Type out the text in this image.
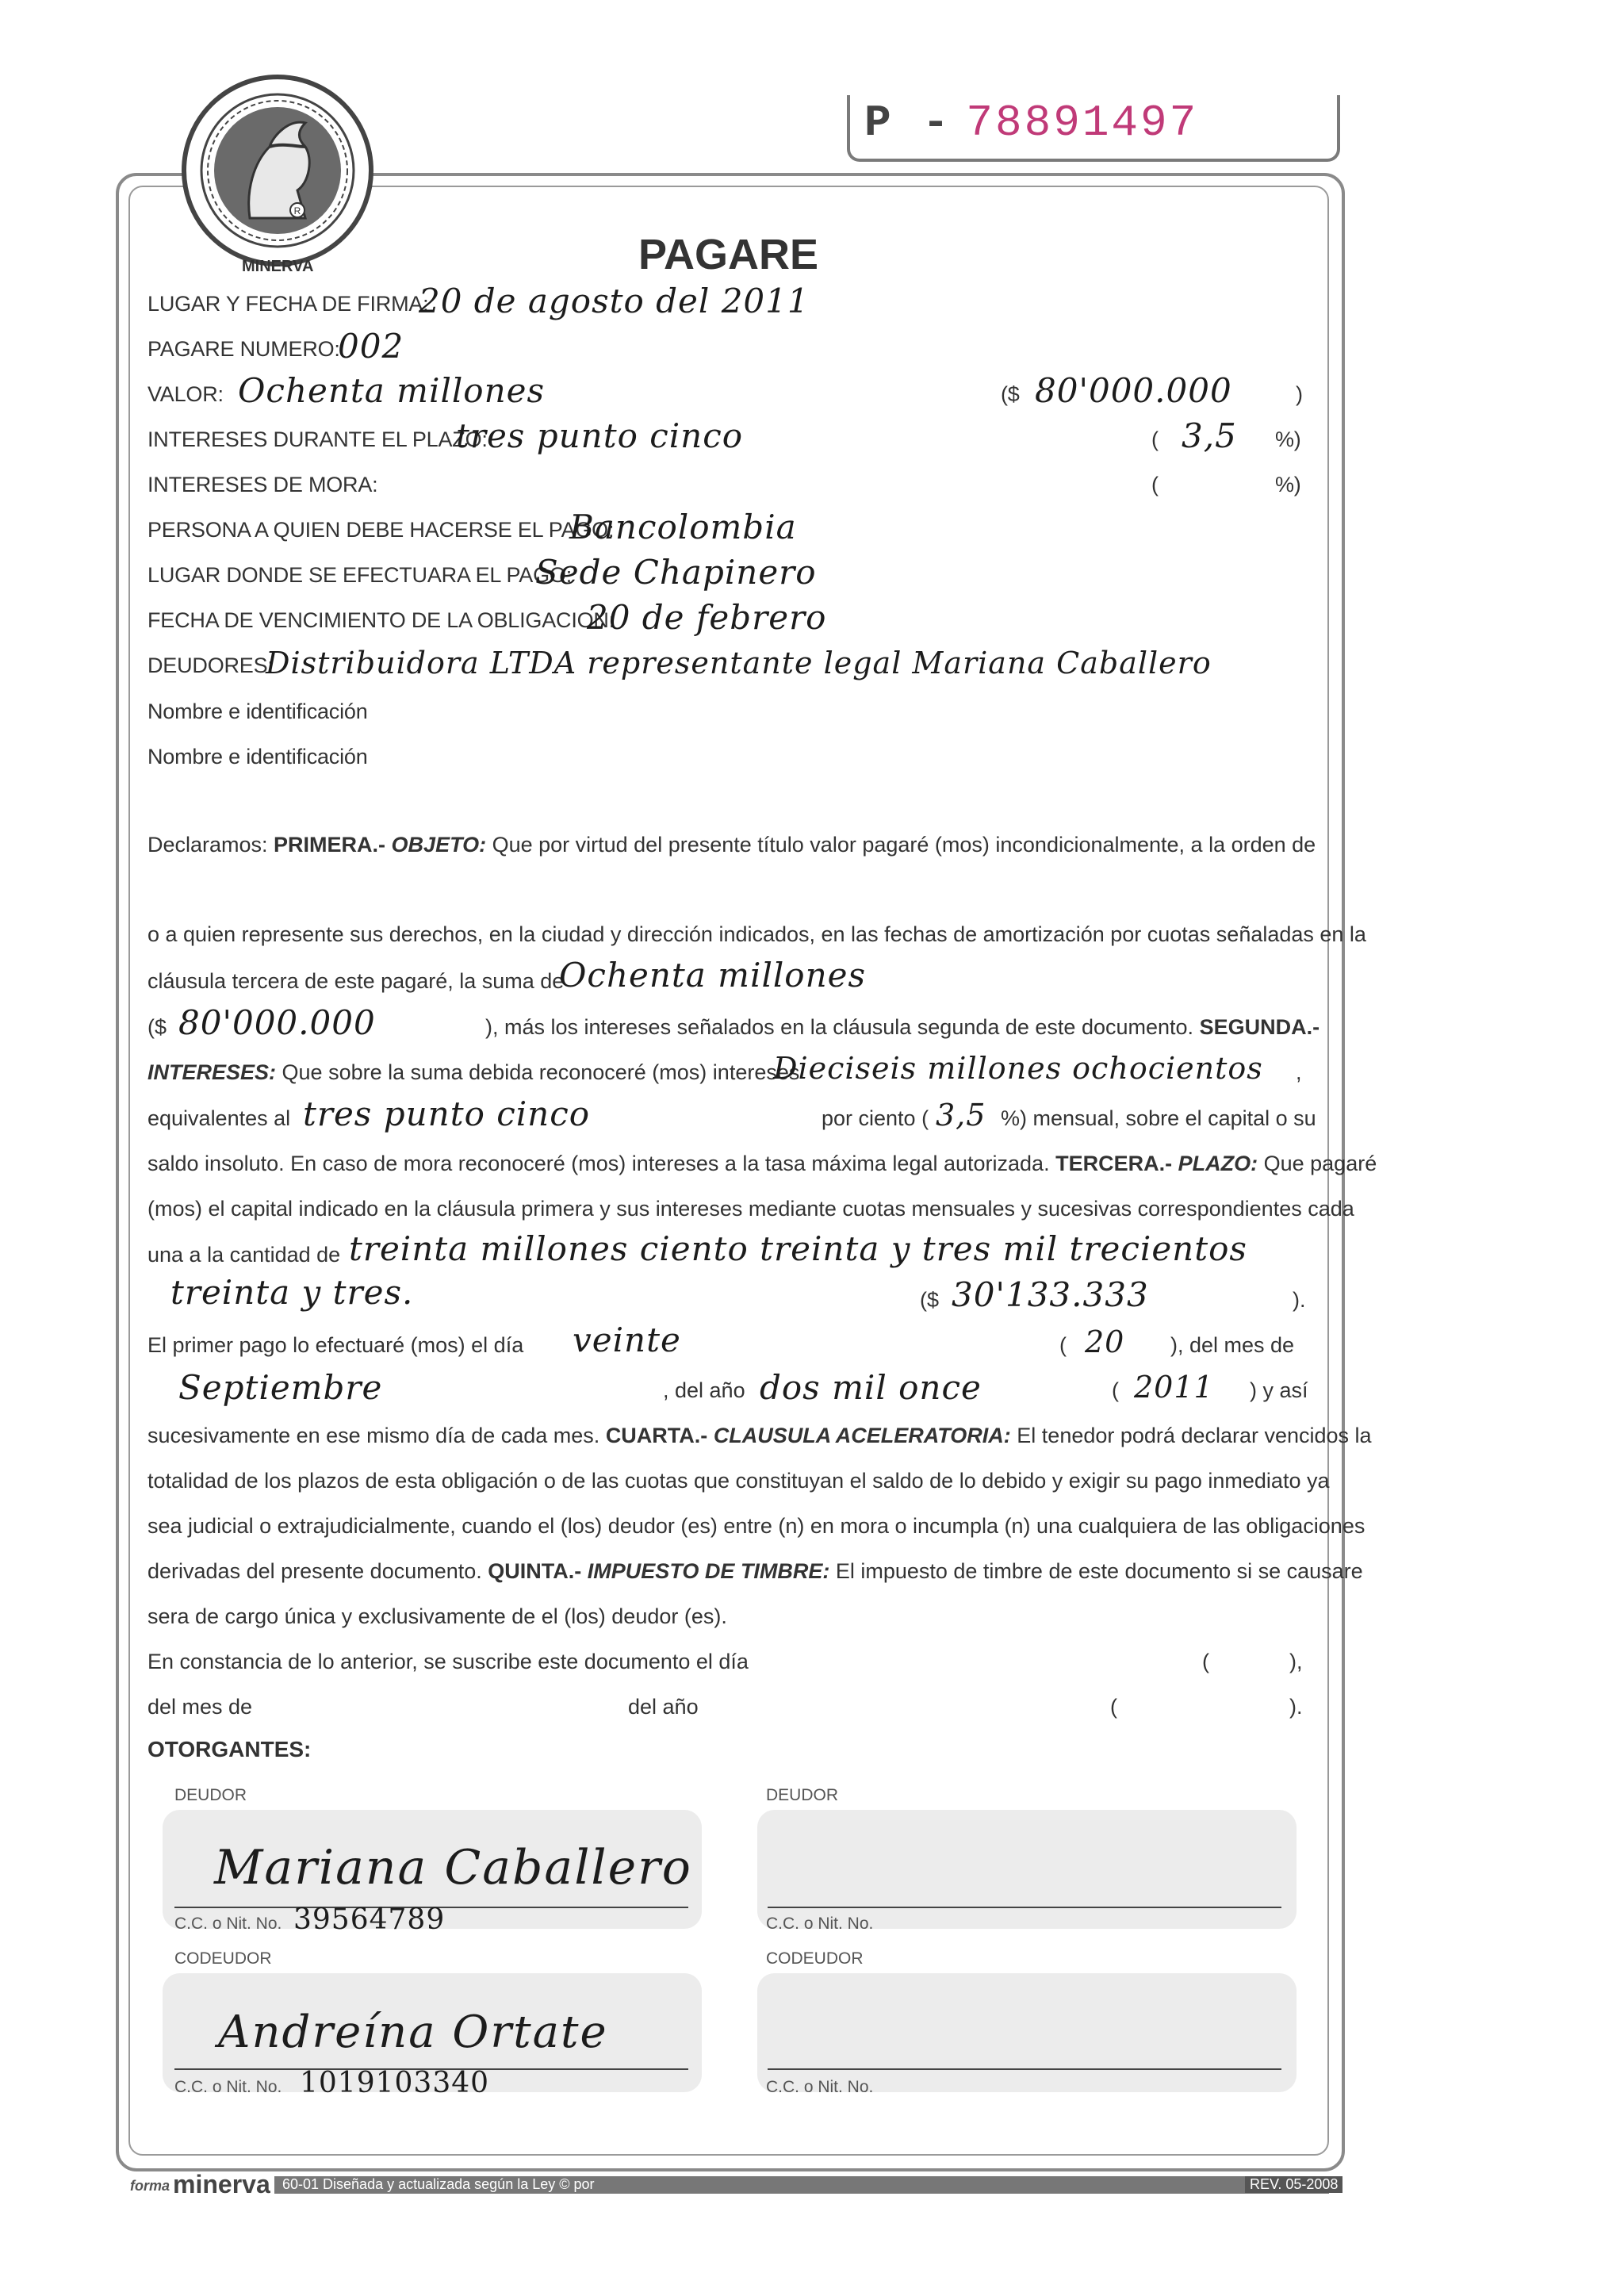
P - 78891497
R
MINERVA	PAGARE
LUGAR Y FECHA DE FIRMA:
20 de agosto del 2011
PAGARE NUMERO:
002
VALOR: Ochenta millones	($ 80'000.000	)
INTERESES DURANTE EL PLAZO:
tres punto cinco	( 3,5 %)
INTERESES DE MORA:	(	%)
PERSONA A QUIEN DEBE HACERSE EL PAGO:
Bancolombia
LUGAR DONDE SE EFECTUARA EL PAGO:
Sede Chapinero
FECHA DE VENCIMIENTO DE LA OBLIGACION:
20 de febrero
DEUDORES:
Distribuidora LTDA representante legal Mariana Caballero
Nombre e identificación
Nombre e identificación
Declaramos: PRIMERA.- OBJETO: Que por virtud del presente título valor pagaré (mos) incondicionalmente, a la orden de
o a quien represente sus derechos, en la ciudad y dirección indicados, en las fechas de amortización por cuotas señaladas en la
cláusula tercera de este pagaré, la suma de
Ochenta millones
($ 80'000.000	), más los intereses señalados en la cláusula segunda de este documento. SEGUNDA.-
INTERESES: Que sobre la suma debida reconoceré (mos) intereses
Dieciseis millones ochocientos ,
equivalentes al tres punto cinco	por ciento ( 3,5 %) mensual, sobre el capital o su
saldo insoluto. En caso de mora reconoceré (mos) intereses a la tasa máxima legal autorizada. TERCERA.- PLAZO: Que pagaré
(mos) el capital indicado en la cláusula primera y sus intereses mediante cuotas mensuales y sucesivas correspondientes cada
una a la cantidad de treinta millones ciento treinta y tres mil trecientos
treinta y tres.	($ 30'133.333	).
El primer pago lo efectuaré (mos) el día veinte	( 20 ), del mes de
Septiembre	, del año dos mil once	( 2011 ) y así
sucesivamente en ese mismo día de cada mes. CUARTA.- CLAUSULA ACELERATORIA: El tenedor podrá declarar vencidos la
totalidad de los plazos de esta obligación o de las cuotas que constituyan el saldo de lo debido y exigir su pago inmediato ya
sea judicial o extrajudicialmente, cuando el (los) deudor (es) entre (n) en mora o incumpla (n) una cualquiera de las obligaciones
derivadas del presente documento. QUINTA.- IMPUESTO DE TIMBRE: El impuesto de timbre de este documento si se causare
sera de cargo única y exclusivamente de el (los) deudor (es).
En constancia de lo anterior, se suscribe este documento el día	(	),
del mes de	del año	(	).
OTORGANTES:
DEUDOR	DEUDOR
Mariana Caballero
C.C. o Nit. No. 39564789	C.C. o Nit. No.
CODEUDOR	CODEUDOR
Andreína Ortate
C.C. o Nit. No. 1019103340	C.C. o Nit. No.
forma minerva 60-01 Diseñada y actualizada según la Ley © por	REV. 05-2008
